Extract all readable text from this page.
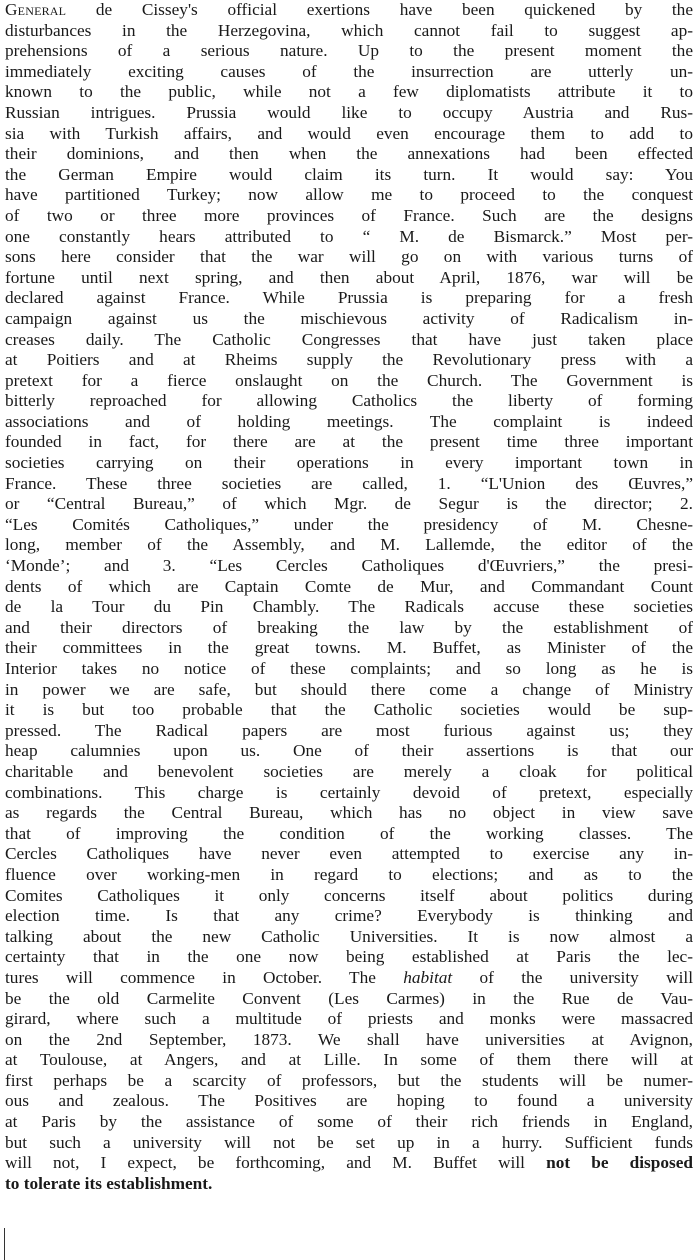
General de Cissey's official exertions have been quickened by the
disturbances in the Herzegovina, which cannot fail to suggest ap-
prehensions of a serious nature. Up to the present moment the
immediately exciting causes of the insurrection are utterly un-
known to the public, while not a few diplomatists attribute it to
Russian intrigues. Prussia would like to occupy Austria and Rus-
sia with Turkish affairs, and would even encourage them to add to
their dominions, and then when the annexations had been effected
the German Empire would claim its turn. It would say: You
have partitioned Turkey; now allow me to proceed to the conquest
of two or three more provinces of France. Such are the designs
one constantly hears attributed to “ M. de Bismarck.” Most per-
sons here consider that the war will go on with various turns of
fortune until next spring, and then about April, 1876, war will be
declared against France. While Prussia is preparing for a fresh
campaign against us the mischievous activity of Radicalism in-
creases daily. The Catholic Congresses that have just taken place
at Poitiers and at Rheims supply the Revolutionary press with a
pretext for a fierce onslaught on the Church. The Government is
bitterly reproached for allowing Catholics the liberty of forming
associations and of holding meetings. The complaint is indeed
founded in fact, for there are at the present time three important
societies carrying on their operations in every important town in
France. These three societies are called, 1. “L'Union des Œuvres,”
or “Central Bureau,” of which Mgr. de Segur is the director; 2.
“Les Comités Catholiques,” under the presidency of M. Chesne-
long, member of the Assembly, and M. Lallemde, the editor of the
‘Monde’; and 3. “Les Cercles Catholiques d'Œuvriers,” the presi-
dents of which are Captain Comte de Mur, and Commandant Count
de la Tour du Pin Chambly. The Radicals accuse these societies
and their directors of breaking the law by the establishment of
their committees in the great towns. M. Buffet, as Minister of the
Interior takes no notice of these complaints; and so long as he is
in power we are safe, but should there come a change of Ministry
it is but too probable that the Catholic societies would be sup-
pressed. The Radical papers are most furious against us; they
heap calumnies upon us. One of their assertions is that our
charitable and benevolent societies are merely a cloak for political
combinations. This charge is certainly devoid of pretext, especially
as regards the Central Bureau, which has no object in view save
that of improving the condition of the working classes. The
Cercles Catholiques have never even attempted to exercise any in-
fluence over working-men in regard to elections; and as to the
Comites Catholiques it only concerns itself about politics during
election time. Is that any crime? Everybody is thinking and
talking about the new Catholic Universities. It is now almost a
certainty that in the one now being established at Paris the lec-
tures will commence in October. The habitat of the university will
be the old Carmelite Convent (Les Carmes) in the Rue de Vau-
girard, where such a multitude of priests and monks were massacred
on the 2nd September, 1873. We shall have universities at Avignon,
at Toulouse, at Angers, and at Lille. In some of them there will at
first perhaps be a scarcity of professors, but the students will be numer-
ous and zealous. The Positives are hoping to found a university
at Paris by the assistance of some of their rich friends in England,
but such a university will not be set up in a hurry. Sufficient funds
will not, I expect, be forthcoming, and M. Buffet will not be disposed
to tolerate its establishment.
